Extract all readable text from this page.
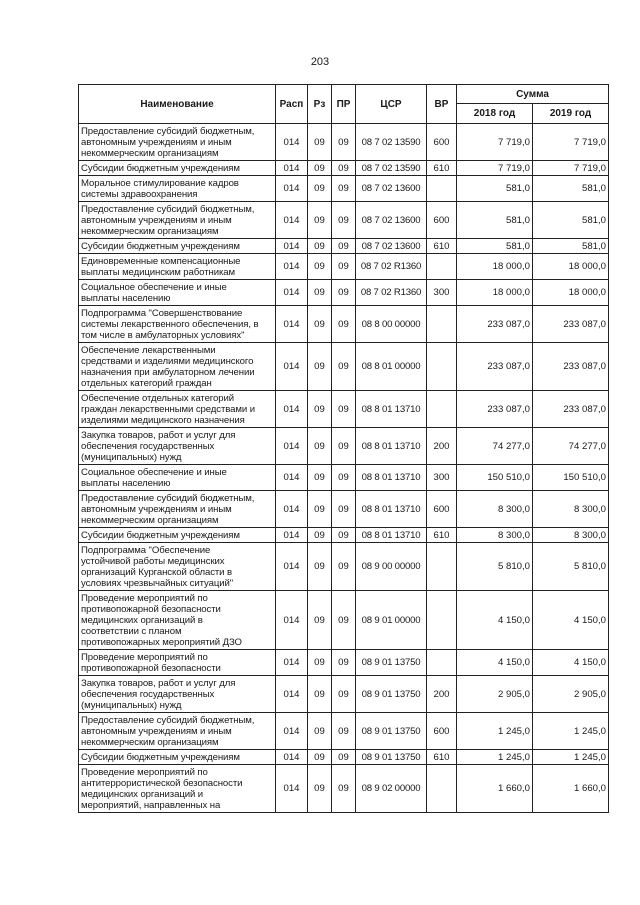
203
Наименование	Расп	Рз	ПР	ЦСР	ВР	Сумма	
						2018 год	2019 год

Предоставление субсидий бюджетным,
автономным учреждениям и иным
некоммерческим организациям	014	09	09	08 7 02 13590	600	7 719,0	7 719,0

Субсидии бюджетным учреждениям	014	09	09	08 7 02 13590	610	7 719,0	7 719,0

Моральное стимулирование кадров
системы здравоохранения	014	09	09	08 7 02 13600		581,0	581,0

Предоставление субсидий бюджетным,
автономным учреждениям и иным
некоммерческим организациям	014	09	09	08 7 02 13600	600	581,0	581,0

Субсидии бюджетным учреждениям	014	09	09	08 7 02 13600	610	581,0	581,0

Единовременные компенсационные
выплаты медицинским работникам	014	09	09	08 7 02 R1360		18 000,0	18 000,0

Социальное обеспечение и иные
выплаты населению	014	09	09	08 7 02 R1360	300	18 000,0	18 000,0

Подпрограмма "Совершенствование
системы лекарственного обеспечения, в
том числе в амбулаторных условиях"	014	09	09	08 8 00 00000		233 087,0	233 087,0

Обеспечение лекарственными
средствами и изделиями медицинского
назначения при амбулаторном лечении
отдельных категорий граждан	014	09	09	08 8 01 00000		233 087,0	233 087,0

Обеспечение отдельных категорий
граждан лекарственными средствами и
изделиями медицинского назначения	014	09	09	08 8 01 13710		233 087,0	233 087,0

Закупка товаров, работ и услуг для
обеспечения государственных
(муниципальных) нужд	014	09	09	08 8 01 13710	200	74 277,0	74 277,0

Социальное обеспечение и иные
выплаты населению	014	09	09	08 8 01 13710	300	150 510,0	150 510,0

Предоставление субсидий бюджетным,
автономным учреждениям и иным
некоммерческим организациям	014	09	09	08 8 01 13710	600	8 300,0	8 300,0

Субсидии бюджетным учреждениям	014	09	09	08 8 01 13710	610	8 300,0	8 300,0

Подпрограмма "Обеспечение
устойчивой работы медицинских
организаций Курганской области в
условиях чрезвычайных ситуаций"	014	09	09	08 9 00 00000		5 810,0	5 810,0

Проведение мероприятий по
противопожарной безопасности
медицинских организаций в
соответствии с планом
противопожарных мероприятий ДЗО	014	09	09	08 9 01 00000		4 150,0	4 150,0

Проведение мероприятий по
противопожарной безопасности	014	09	09	08 9 01 13750		4 150,0	4 150,0

Закупка товаров, работ и услуг для
обеспечения государственных
(муниципальных) нужд	014	09	09	08 9 01 13750	200	2 905,0	2 905,0

Предоставление субсидий бюджетным,
автономным учреждениям и иным
некоммерческим организациям	014	09	09	08 9 01 13750	600	1 245,0	1 245,0

Субсидии бюджетным учреждениям	014	09	09	08 9 01 13750	610	1 245,0	1 245,0

Проведение мероприятий по
антитеррористической безопасности
медицинских организаций и
мероприятий, направленных на	014	09	09	08 9 02 00000		1 660,0	1 660,0
